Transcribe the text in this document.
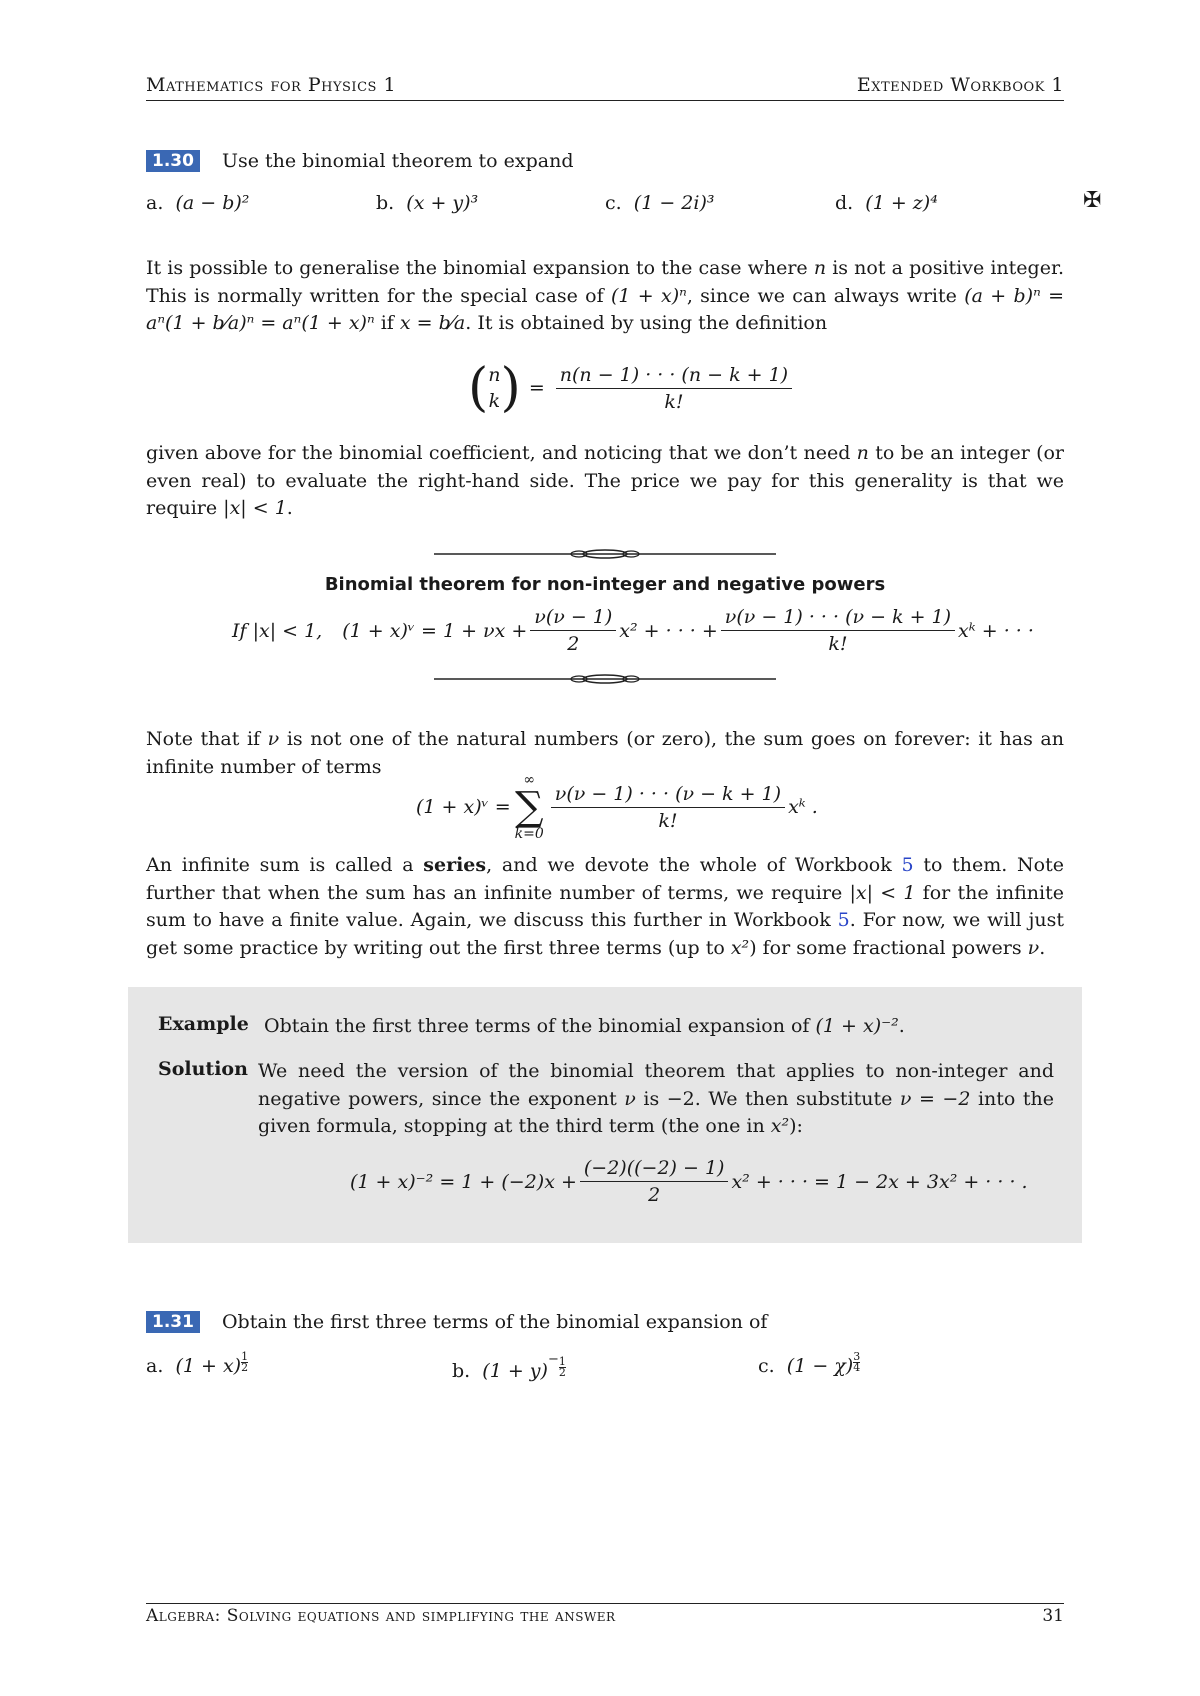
Mathematics for Physics 1	Extended Workbook 1
1.30	Use the binomial theorem to expand
a. (a − b)²	b. (x + y)³	c. (1 − 2i)³	d. (1 + z)⁴

It is possible to generalise the binomial expansion to the case where n is not a positive integer. This is normally written for the special case of (1 + x)ⁿ, since we can always write (a + b)ⁿ = aⁿ(1 + b⁄a)ⁿ = aⁿ(1 + x)ⁿ if x = b⁄a. It is obtained by using the definition

( n
k ) = $\frac{n(n - 1) \cdot \cdot \cdot (n - k + 1)}{k!}$

given above for the binomial coefficient, and noticing that we don’t need n to be an integer (or even real) to evaluate the right-hand side. The price we pay for this generality is that we require |x| < 1.

Binomial theorem for non-integer and negative powers
If |x| < 1, (1 + x)ᵛ = $1 + \nu x + \frac{\nu(\nu - 1)}{2} x^2$ + · · · + $\frac{\nu(\nu - 1) \cdot \cdot \cdot (\nu - k + 1)}{k!}$ xᵏ + · · ·

Note that if ν is not one of the natural numbers (or zero), the sum goes on forever: it has an infinite number of terms

(1 + x)ᵛ =
∞
∑
k=0
$\frac{\nu(\nu - 1) \cdot \cdot \cdot (\nu - k + 1)}{k!}$ xᵏ .

An infinite sum is called a series, and we devote the whole of Workbook 5 to them. Note further that when the sum has an infinite number of terms, we require |x| < 1 for the infinite sum to have a finite value. Again, we discuss this further in Workbook 5. For now, we will just get some practice by writing out the first three terms (up to x²) for some fractional powers ν.

1.31	Obtain the first three terms of the binomial expansion of
a. (1 + x) $^{\frac{1}{2}}$	b. (1 + y)− $^{\frac{1}{2}}$	c. (1 − χ) $^{\frac{3}{4}}$
Algebra: Solving equations and simplifying the answer	31
✠
Example Obtain the first three terms of the binomial expansion of (1 + x)⁻².
Solution We need the version of the binomial theorem that applies to non-integer and negative powers, since the exponent ν is −2. We then substitute ν = −2 into the given formula, stopping at the third term (the one in x²):
$(1 + x)^{-2} = 1 + (-2)x + \frac{(-2)((-2) - 1)}{2} x^2$ + · · · = 1 − 2x + 3x² + · · · .
